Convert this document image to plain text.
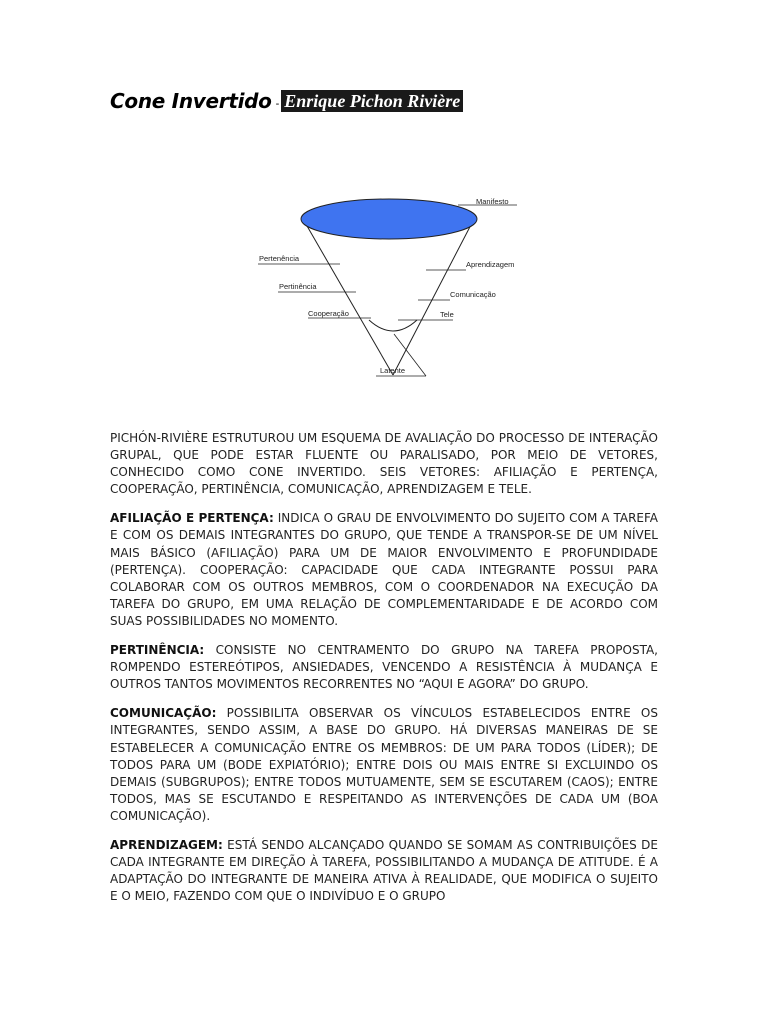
Cone Invertido - Enrique Pichon Rivière
Manifesto
Pertenência
Aprendizagem
Pertinência
Comunicação
Cooperação	Tele
Latente

PICHÓN-RIVIÈRE ESTRUTUROU UM ESQUEMA DE AVALIAÇÃO DO PROCESSO DE INTERAÇÃO GRUPAL, QUE PODE ESTAR FLUENTE OU PARALISADO, POR MEIO DE VETORES, CONHECIDO COMO CONE INVERTIDO. SEIS VETORES: AFILIAÇÃO E PERTENÇA, COOPERAÇÃO, PERTINÊNCIA, COMUNICAÇÃO, APRENDIZAGEM E TELE.

AFILIAÇÃO E PERTENÇA: INDICA O GRAU DE ENVOLVIMENTO DO SUJEITO COM A TAREFA E COM OS DEMAIS INTEGRANTES DO GRUPO, QUE TENDE A TRANSPOR-SE DE UM NÍVEL MAIS BÁSICO (AFILIAÇÃO) PARA UM DE MAIOR ENVOLVIMENTO E PROFUNDIDADE (PERTENÇA). COOPERAÇÃO: CAPACIDADE QUE CADA INTEGRANTE POSSUI PARA COLABORAR COM OS OUTROS MEMBROS, COM O COORDENADOR NA EXECUÇÃO DA TAREFA DO GRUPO, EM UMA RELAÇÃO DE COMPLEMENTARIDADE E DE ACORDO COM SUAS POSSIBILIDADES NO MOMENTO.

PERTINÊNCIA: CONSISTE NO CENTRAMENTO DO GRUPO NA TAREFA PROPOSTA, ROMPENDO ESTEREÓTIPOS, ANSIEDADES, VENCENDO A RESISTÊNCIA À MUDANÇA E OUTROS TANTOS MOVIMENTOS RECORRENTES NO “AQUI E AGORA” DO GRUPO.

COMUNICAÇÃO: POSSIBILITA OBSERVAR OS VÍNCULOS ESTABELECIDOS ENTRE OS INTEGRANTES, SENDO ASSIM, A BASE DO GRUPO. HÁ DIVERSAS MANEIRAS DE SE ESTABELECER A COMUNICAÇÃO ENTRE OS MEMBROS: DE UM PARA TODOS (LÍDER); DE TODOS PARA UM (BODE EXPIATÓRIO); ENTRE DOIS OU MAIS ENTRE SI EXCLUINDO OS DEMAIS (SUBGRUPOS); ENTRE TODOS MUTUAMENTE, SEM SE ESCUTAREM (CAOS); ENTRE TODOS, MAS SE ESCUTANDO E RESPEITANDO AS INTERVENÇÕES DE CADA UM (BOA COMUNICAÇÃO).

APRENDIZAGEM: ESTÁ SENDO ALCANÇADO QUANDO SE SOMAM AS CONTRIBUIÇÕES DE CADA INTEGRANTE EM DIREÇÃO À TAREFA, POSSIBILITANDO A MUDANÇA DE ATITUDE. É A ADAPTAÇÃO DO INTEGRANTE DE MANEIRA ATIVA À REALIDADE, QUE MODIFICA O SUJEITO E O MEIO, FAZENDO COM QUE O INDIVÍDUO E O GRUPO
